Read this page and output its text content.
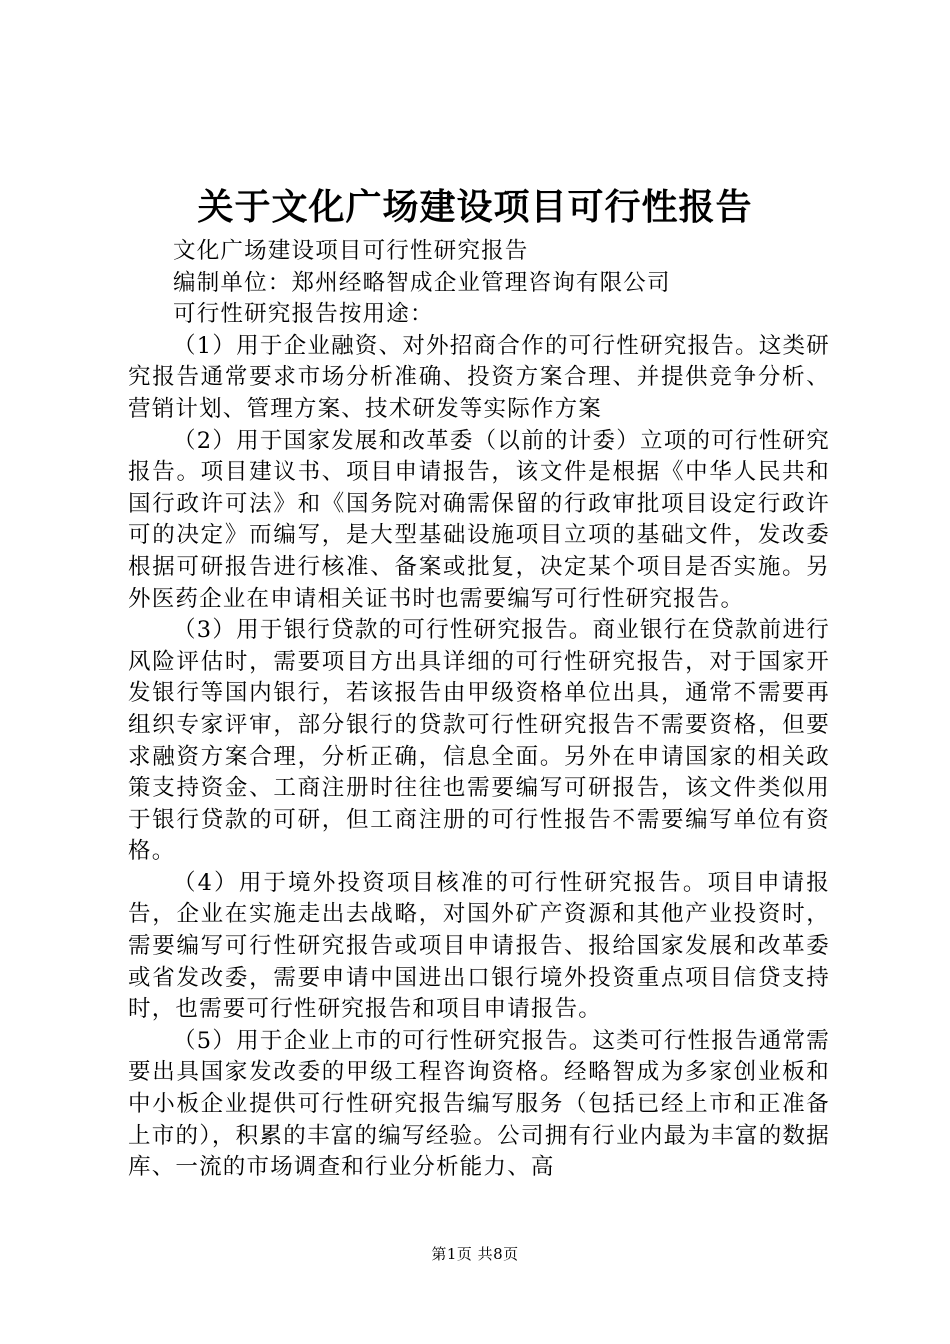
关于文化广场建设项目可行性报告

文化广场建设项目可行性研究报告

编制单位：郑州经略智成企业管理咨询有限公司

可行性研究报告按用途：

（1）用于企业融资、对外招商合作的可行性研究报告。这类研究报告通常要求市场分析准确、投资方案合理、并提供竞争分析、营销计划、管理方案、技术研发等实际作方案

（2）用于国家发展和改革委（以前的计委）立项的可行性研究报告。项目建议书、项目申请报告，该文件是根据《中华人民共和国行政许可法》和《国务院对确需保留的行政审批项目设定行政许可的决定》而编写，是大型基础设施项目立项的基础文件，发改委根据可研报告进行核准、备案或批复，决定某个项目是否实施。另外医药企业在申请相关证书时也需要编写可行性研究报告。

（3）用于银行贷款的可行性研究报告。商业银行在贷款前进行风险评估时，需要项目方出具详细的可行性研究报告，对于国家开发银行等国内银行，若该报告由甲级资格单位出具，通常不需要再组织专家评审，部分银行的贷款可行性研究报告不需要资格，但要求融资方案合理，分析正确，信息全面。另外在申请国家的相关政策支持资金、工商注册时往往也需要编写可研报告，该文件类似用于银行贷款的可研，但工商注册的可行性报告不需要编写单位有资格。

（4）用于境外投资项目核准的可行性研究报告。项目申请报告，企业在实施走出去战略，对国外矿产资源和其他产业投资时，需要编写可行性研究报告或项目申请报告、报给国家发展和改革委或省发改委，需要申请中国进出口银行境外投资重点项目信贷支持时，也需要可行性研究报告和项目申请报告。

（5）用于企业上市的可行性研究报告。这类可行性报告通常需要出具国家发改委的甲级工程咨询资格。经略智成为多家创业板和中小板企业提供可行性研究报告编写服务（包括已经上市和正准备上市的），积累的丰富的编写经验。公司拥有行业内最为丰富的数据库、一流的市场调查和行业分析能力、高

第1页 共8页
